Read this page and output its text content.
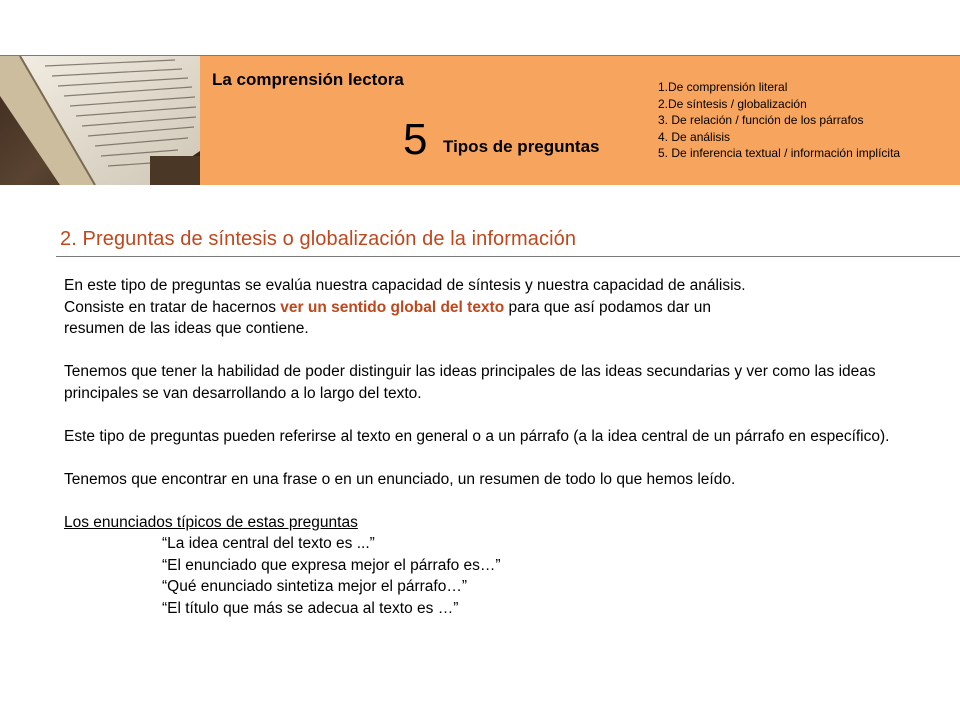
La comprensión lectora
5 Tipos de preguntas
1.De comprensión literal
2.De síntesis / globalización
3. De relación / función de los párrafos
4. De análisis
5. De inferencia textual / información implícita
2. Preguntas de síntesis o globalización de la información

En este tipo de preguntas se evalúa nuestra capacidad de síntesis y nuestra capacidad de análisis.

Consiste en tratar de hacernos ver un sentido global del texto para que así podamos dar un

resumen de las ideas que contiene.

Tenemos que tener la habilidad de poder distinguir las ideas principales de las ideas secundarias y ver como las ideas principales se van desarrollando a lo largo del texto.

Este tipo de preguntas pueden referirse al texto en general o a un párrafo (a la idea central de un párrafo en específico).

Tenemos que encontrar en una frase o en un enunciado, un resumen de todo lo que hemos leído.

Los enunciados típicos de estas preguntas

“La idea central del texto es ...”

“El enunciado que expresa mejor el párrafo es…”

“Qué enunciado sintetiza mejor el párrafo…”

“El título que más se adecua al texto es …”
